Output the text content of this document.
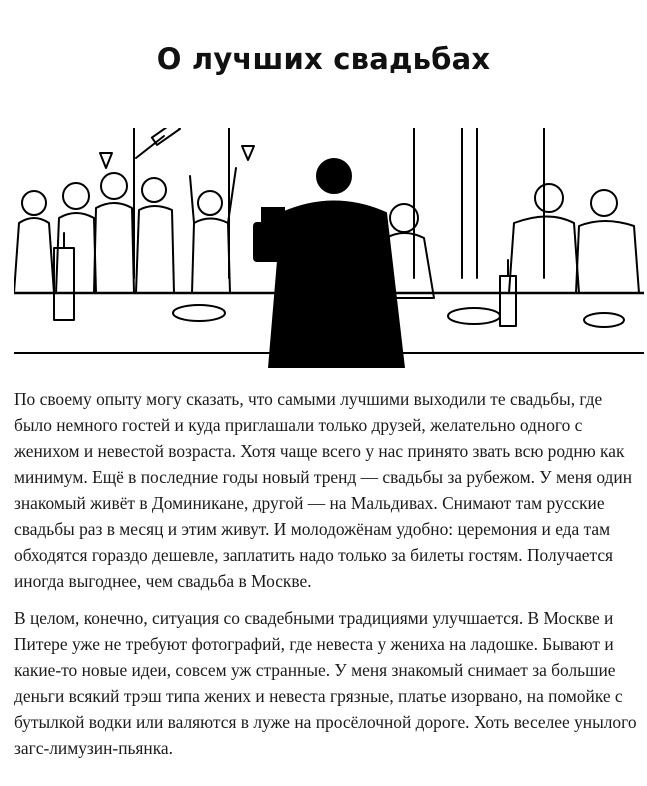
О лучших свадьбах

По своему опыту могу сказать, что самыми лучшими выходили те свадьбы, где было немного гостей и куда приглашали только друзей, желательно одного с женихом и невестой возраста. Хотя чаще всего у нас принято звать всю родню как минимум. Ещё в последние годы новый тренд — свадьбы за рубежом. У меня один знакомый живёт в Доминикане, другой — на Мальдивах. Снимают там русские свадьбы раз в месяц и этим живут. И молодожёнам удобно: церемония и еда там обходятся гораздо дешевле, заплатить надо только за билеты гостям. Получается иногда выгоднее, чем свадьба в Москве.

В целом, конечно, ситуация со свадебными традициями улучшается. В Москве и Питере уже не требуют фотографий, где невеста у жениха на ладошке. Бывают и какие-то новые идеи, совсем уж странные. У меня знакомый снимает за большие деньги всякий трэш типа жених и невеста грязные, платье изорвано, на помойке с бутылкой водки или валяются в луже на просёлочной дороге. Хоть веселее унылого загс-лимузин-пьянка.
